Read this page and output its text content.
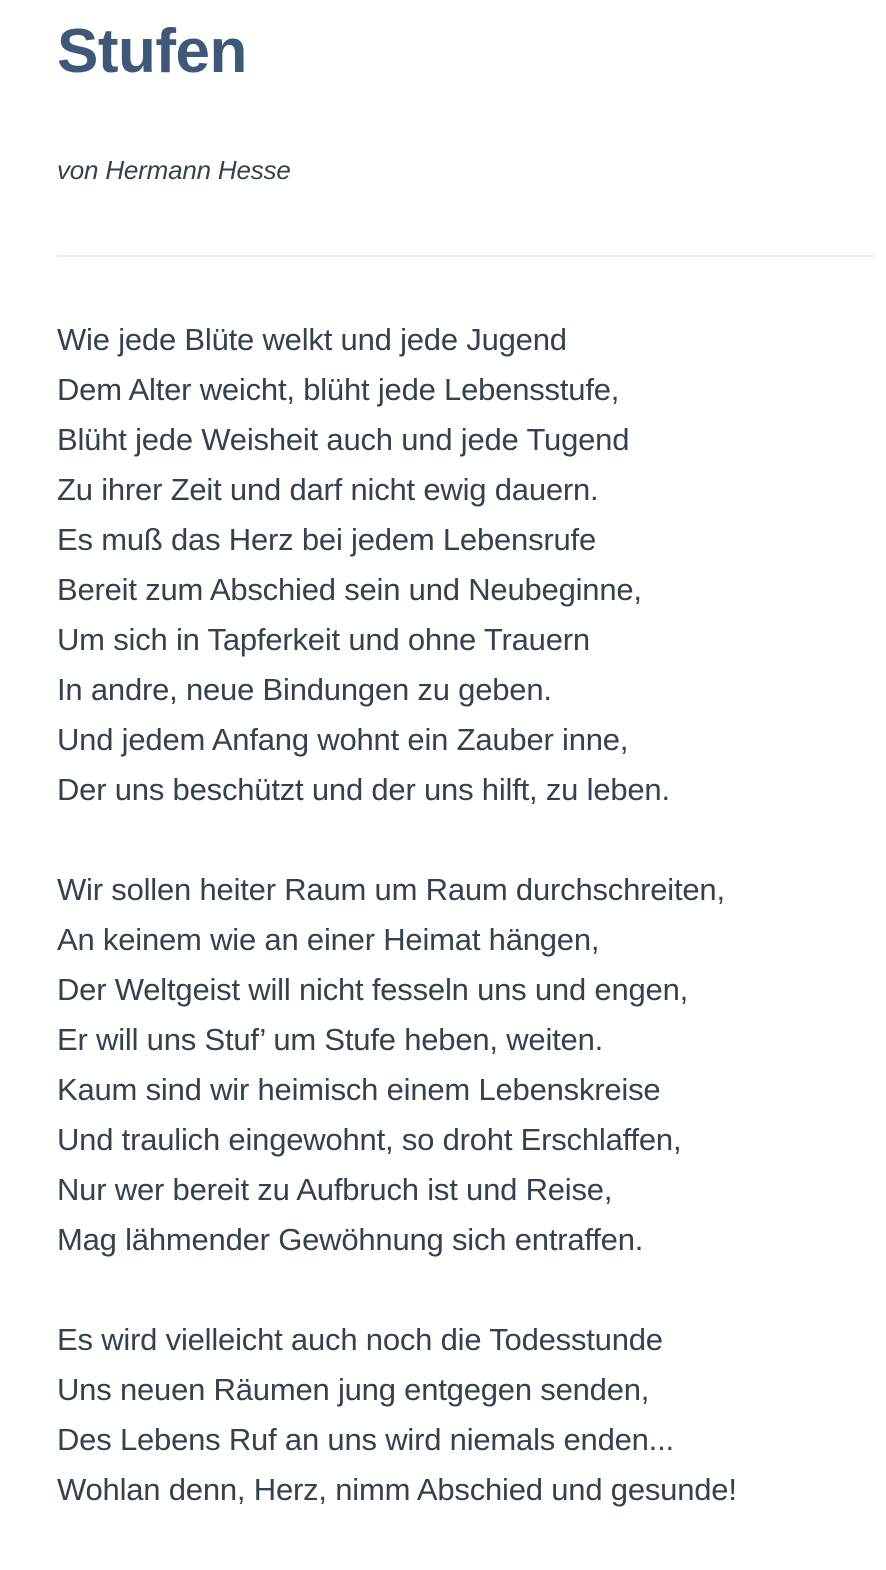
Stufen

von Hermann Hesse

Wie jede Blüte welkt und jede Jugend
Dem Alter weicht, blüht jede Lebensstufe,
Blüht jede Weisheit auch und jede Tugend
Zu ihrer Zeit und darf nicht ewig dauern.
Es muß das Herz bei jedem Lebensrufe
Bereit zum Abschied sein und Neubeginne,
Um sich in Tapferkeit und ohne Trauern
In andre, neue Bindungen zu geben.
Und jedem Anfang wohnt ein Zauber inne,
Der uns beschützt und der uns hilft, zu leben.
Wir sollen heiter Raum um Raum durchschreiten,
An keinem wie an einer Heimat hängen,
Der Weltgeist will nicht fesseln uns und engen,
Er will uns Stuf’ um Stufe heben, weiten.
Kaum sind wir heimisch einem Lebenskreise
Und traulich eingewohnt, so droht Erschlaffen,
Nur wer bereit zu Aufbruch ist und Reise,
Mag lähmender Gewöhnung sich entraffen.
Es wird vielleicht auch noch die Todesstunde
Uns neuen Räumen jung entgegen senden,
Des Lebens Ruf an uns wird niemals enden...
Wohlan denn, Herz, nimm Abschied und gesunde!
